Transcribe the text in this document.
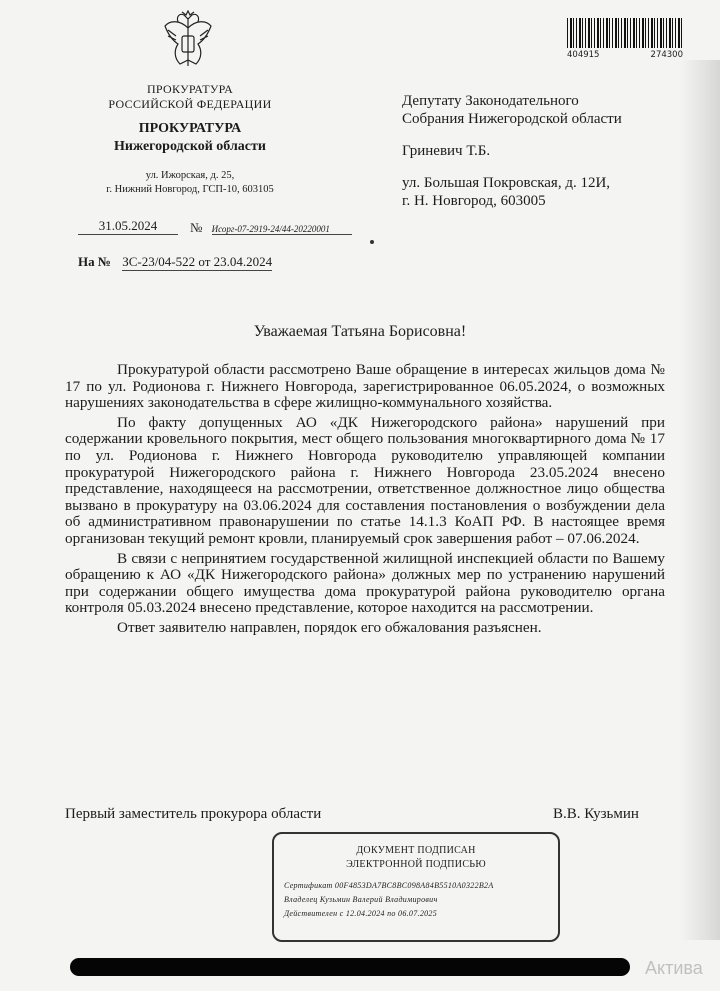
ПРОКУРАТУРА
РОССИЙСКОЙ ФЕДЕРАЦИИ
ПРОКУРАТУРА
Нижегородской области
ул. Ижорская, д. 25,
г. Нижний Новгород, ГСП-10, 603105
31.05.2024	№ Исорг-07-2919-24/44-20220001
На № ЗС-23/04-522 от 23.04.2024
404915	274300

Депутату Законодательного

Собрания Нижегородской области

Гриневич Т.Б.

ул. Большая Покровская, д. 12И,

г. Н. Новгород, 603005

Уважаемая Татьяна Борисовна!

Прокуратурой области рассмотрено Ваше обращение в интересах жильцов дома № 17 по ул. Родионова г. Нижнего Новгорода, зарегистрированное 06.05.2024, о возможных нарушениях законодательства в сфере жилищно-коммунального хозяйства.

По факту допущенных АО «ДК Нижегородского района» нарушений при содержании кровельного покрытия, мест общего пользования многоквартирного дома № 17 по ул. Родионова г. Нижнего Новгорода руководителю управляющей компании прокуратурой Нижегородского района г. Нижнего Новгорода 23.05.2024 внесено представление, находящееся на рассмотрении, ответственное должностное лицо общества вызвано в прокуратуру на 03.06.2024 для составления постановления о возбуждении дела об административном правонарушении по статье 14.1.3 КоАП РФ. В настоящее время организован текущий ремонт кровли, планируемый срок завершения работ – 07.06.2024.

В связи с непринятием государственной жилищной инспекцией области по Вашему обращению к АО «ДК Нижегородского района» должных мер по устранению нарушений при содержании общего имущества дома прокуратурой района руководителю органа контроля 05.03.2024 внесено представление, которое находится на рассмотрении.

Ответ заявителю направлен, порядок его обжалования разъяснен.

Первый заместитель прокурора области	В.В. Кузьмин
ДОКУМЕНТ ПОДПИСАН
ЭЛЕКТРОННОЙ ПОДПИСЬЮ
Сертификат 00F4853DA7BC8BC098A84B5510A0322B2A
Владелец Кузьмин Валерий Владимирович
Действителен с 12.04.2024 по 06.07.2025
Актива
